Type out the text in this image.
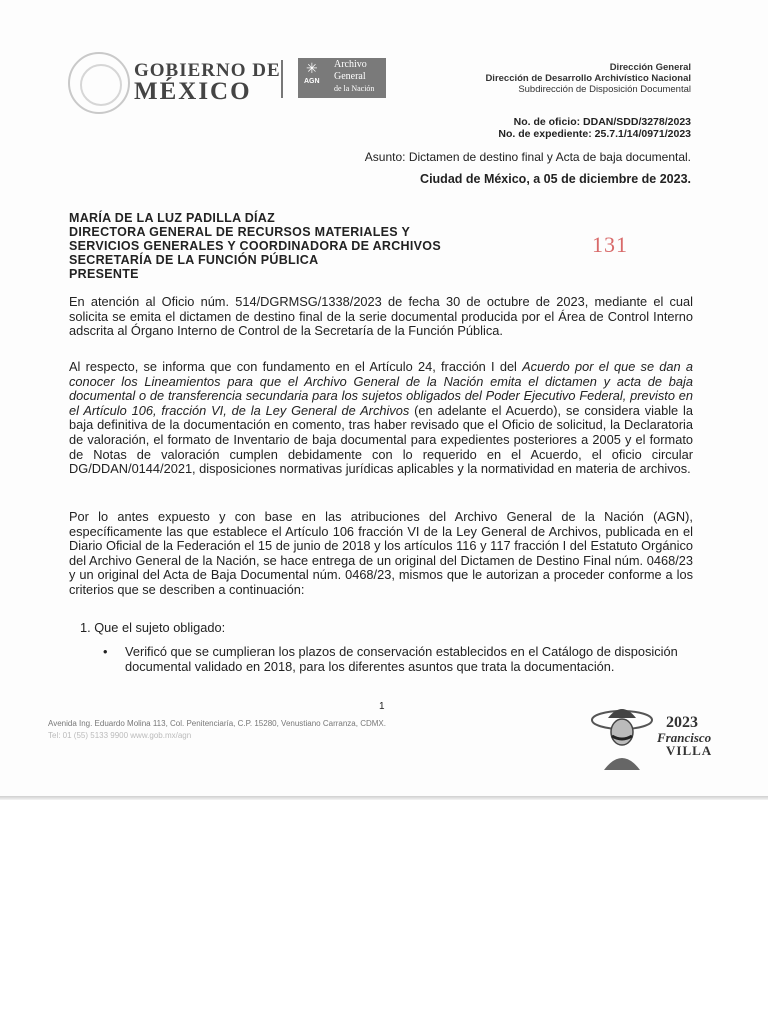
GOBIERNO DE
MÉXICO
✳
AGN
Archivo
General
de la Nación
Dirección General
Dirección de Desarrollo Archivístico Nacional
Subdirección de Disposición Documental
No. de oficio: DDAN/SDD/3278/2023
No. de expediente: 25.7.1/14/0971/2023
Asunto: Dictamen de destino final y Acta de baja documental.
Ciudad de México, a 05 de diciembre de 2023.
MARÍA DE LA LUZ PADILLA DÍAZ
DIRECTORA GENERAL DE RECURSOS MATERIALES Y
SERVICIOS GENERALES Y COORDINADORA DE ARCHIVOS
SECRETARÍA DE LA FUNCIÓN PÚBLICA
PRESENTE
131
En atención al Oficio núm. 514/DGRMSG/1338/2023 de fecha 30 de octubre de 2023, mediante el cual solicita se emita el dictamen de destino final de la serie documental producida por el Área de Control Interno adscrita al Órgano Interno de Control de la Secretaría de la Función Pública.
Al respecto, se informa que con fundamento en el Artículo 24, fracción I del Acuerdo por el que se dan a conocer los Lineamientos para que el Archivo General de la Nación emita el dictamen y acta de baja documental o de transferencia secundaria para los sujetos obligados del Poder Ejecutivo Federal, previsto en el Artículo 106, fracción VI, de la Ley General de Archivos (en adelante el Acuerdo), se considera viable la baja definitiva de la documentación en comento, tras haber revisado que el Oficio de solicitud, la Declaratoria de valoración, el formato de Inventario de baja documental para expedientes posteriores a 2005 y el formato de Notas de valoración cumplen debidamente con lo requerido en el Acuerdo, el oficio circular DG/DDAN/0144/2021, disposiciones normativas jurídicas aplicables y la normatividad en materia de archivos.
Por lo antes expuesto y con base en las atribuciones del Archivo General de la Nación (AGN), específicamente las que establece el Artículo 106 fracción VI de la Ley General de Archivos, publicada en el Diario Oficial de la Federación el 15 de junio de 2018 y los artículos 116 y 117 fracción I del Estatuto Orgánico del Archivo General de la Nación, se hace entrega de un original del Dictamen de Destino Final núm. 0468/23 y un original del Acta de Baja Documental núm. 0468/23, mismos que le autorizan a proceder conforme a los criterios que se describen a continuación:
1. Que el sujeto obligado:
• Verificó que se cumplieran los plazos de conservación establecidos en el Catálogo de disposición documental validado en 2018, para los diferentes asuntos que trata la documentación.
1
Avenida Ing. Eduardo Molina 113, Col. Penitenciaría, C.P. 15280, Venustiano Carranza, CDMX.
Tel: 01 (55) 5133 9900 www.gob.mx/agn
2023
Francisco
VILLA
